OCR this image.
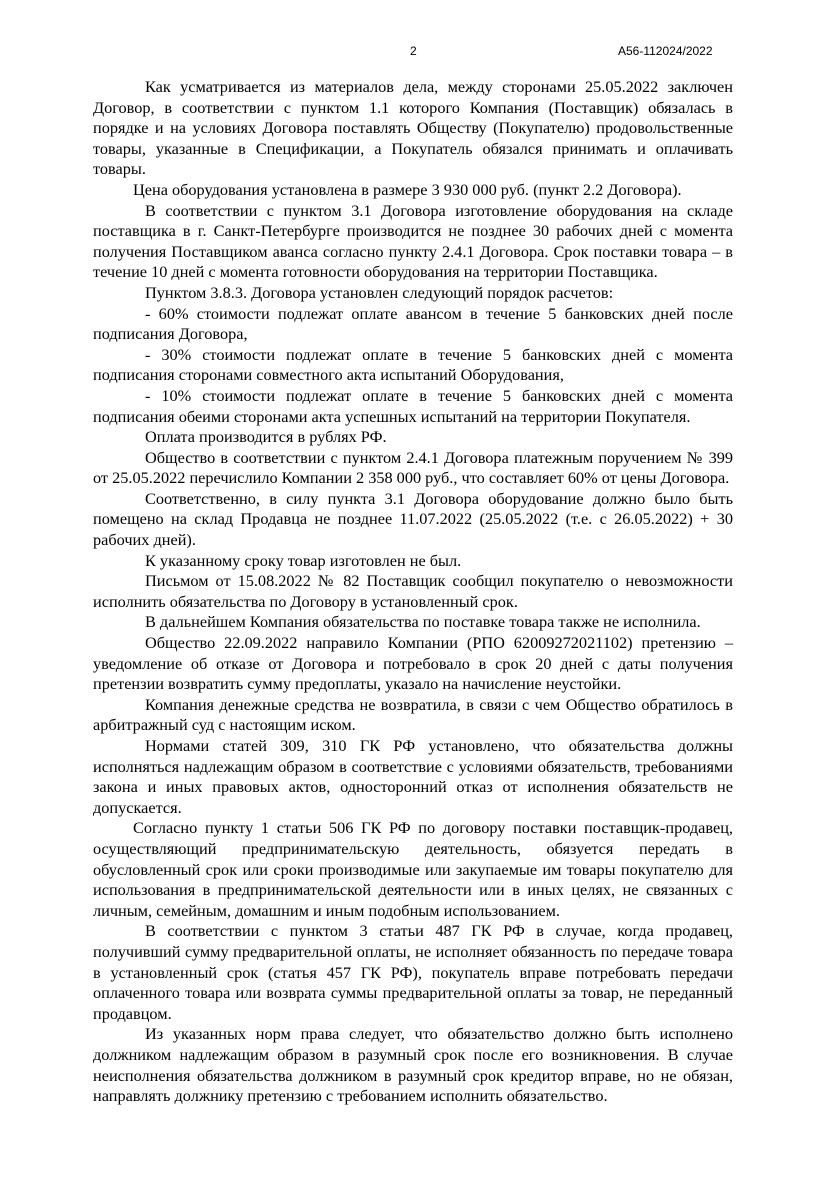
2	А56-112024/2022

Как усматривается из материалов дела, между сторонами 25.05.2022 заключен Договор, в соответствии с пунктом 1.1 которого Компания (Поставщик) обязалась в порядке и на условиях Договора поставлять Обществу (Покупателю) продовольственные товары, указанные в Спецификации, а Покупатель обязался принимать и оплачивать товары.

Цена оборудования установлена в размере 3 930 000 руб. (пункт 2.2 Договора).

В соответствии с пунктом 3.1 Договора изготовление оборудования на складе поставщика в г. Санкт-Петербурге производится не позднее 30 рабочих дней с момента получения Поставщиком аванса согласно пункту 2.4.1 Договора. Срок поставки товара – в течение 10 дней с момента готовности оборудования на территории Поставщика.

Пунктом 3.8.3. Договора установлен следующий порядок расчетов:

- 60% стоимости подлежат оплате авансом в течение 5 банковских дней после подписания Договора,

- 30% стоимости подлежат оплате в течение 5 банковских дней с момента подписания сторонами совместного акта испытаний Оборудования,

- 10% стоимости подлежат оплате в течение 5 банковских дней с момента подписания обеими сторонами акта успешных испытаний на территории Покупателя.

Оплата производится в рублях РФ.

Общество в соответствии с пунктом 2.4.1 Договора платежным поручением № 399 от 25.05.2022 перечислило Компании 2 358 000 руб., что составляет 60% от цены Договора.

Соответственно, в силу пункта 3.1 Договора оборудование должно было быть помещено на склад Продавца не позднее 11.07.2022 (25.05.2022 (т.е. с 26.05.2022) + 30 рабочих дней).

К указанному сроку товар изготовлен не был.

Письмом от 15.08.2022 № 82 Поставщик сообщил покупателю о невозможности исполнить обязательства по Договору в установленный срок.

В дальнейшем Компания обязательства по поставке товара также не исполнила.

Общество 22.09.2022 направило Компании (РПО 62009272021102) претензию – уведомление об отказе от Договора и потребовало в срок 20 дней с даты получения претензии возвратить сумму предоплаты, указало на начисление неустойки.

Компания денежные средства не возвратила, в связи с чем Общество обратилось в арбитражный суд с настоящим иском.

Нормами статей 309, 310 ГК РФ установлено, что обязательства должны исполняться надлежащим образом в соответствие с условиями обязательств, требованиями закона и иных правовых актов, односторонний отказ от исполнения обязательств не допускается.

Согласно пункту 1 статьи 506 ГК РФ по договору поставки поставщик-продавец, осуществляющий предпринимательскую деятельность, обязуется передать в обусловленный срок или сроки производимые или закупаемые им товары покупателю для использования в предпринимательской деятельности или в иных целях, не связанных с личным, семейным, домашним и иным подобным использованием.

В соответствии с пунктом 3 статьи 487 ГК РФ в случае, когда продавец, получивший сумму предварительной оплаты, не исполняет обязанность по передаче товара в установленный срок (статья 457 ГК РФ), покупатель вправе потребовать передачи оплаченного товара или возврата суммы предварительной оплаты за товар, не переданный продавцом.

Из указанных норм права следует, что обязательство должно быть исполнено должником надлежащим образом в разумный срок после его возникновения. В случае неисполнения обязательства должником в разумный срок кредитор вправе, но не обязан, направлять должнику претензию с требованием исполнить обязательство.
